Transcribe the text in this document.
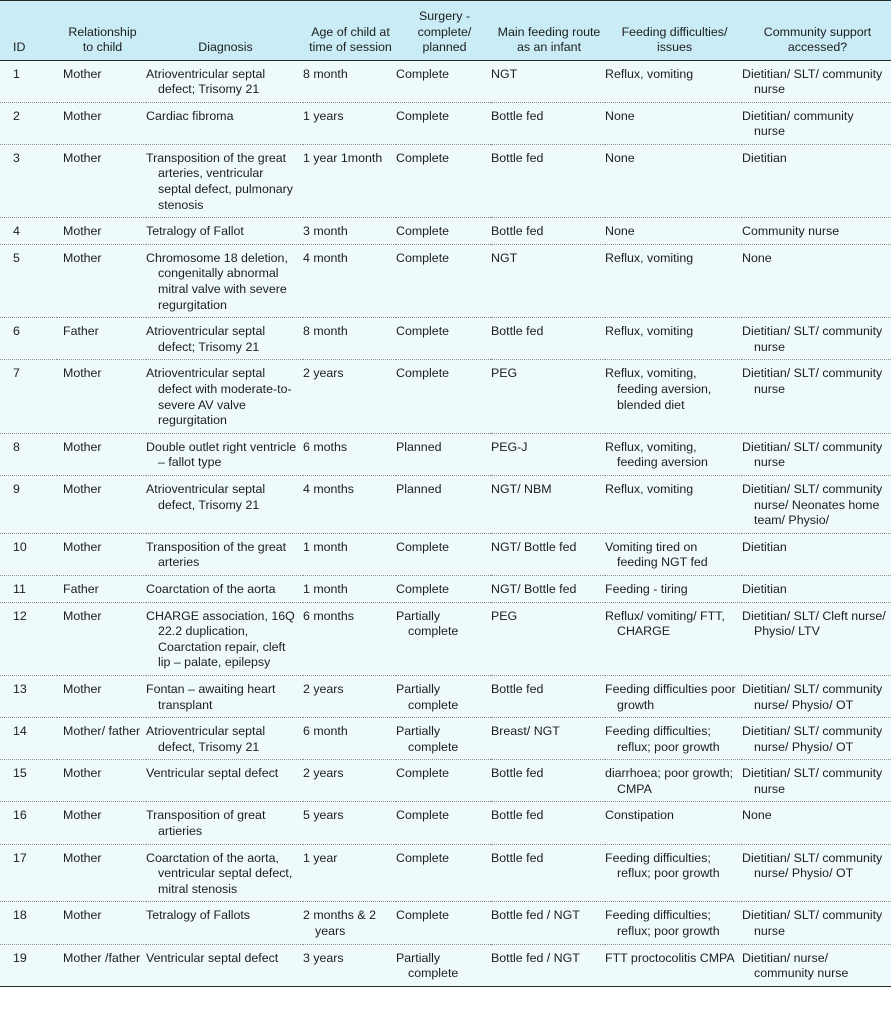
ID	Relationship to child	Diagnosis	Age of child at time of session	Surgery - complete/ planned	Main feeding route as an infant	Feeding difficulties/ issues	Community support accessed?
1	Mother	Atrioventricular septal defect; Trisomy 21	8 month	Complete	NGT	Reflux, vomiting	Dietitian/ SLT/ community nurse
2	Mother	Cardiac fibroma	1 years	Complete	Bottle fed	None	Dietitian/ community nurse
3	Mother	Transposition of the great arteries, ventricular septal defect, pulmonary stenosis	1 year 1month	Complete	Bottle fed	None	Dietitian
4	Mother	Tetralogy of Fallot	3 month	Complete	Bottle fed	None	Community nurse
5	Mother	Chromosome 18 deletion, congenitally abnormal mitral valve with severe regurgitation	4 month	Complete	NGT	Reflux, vomiting	None
6	Father	Atrioventricular septal defect; Trisomy 21	8 month	Complete	Bottle fed	Reflux, vomiting	Dietitian/ SLT/ community nurse
7	Mother	Atrioventricular septal defect with moderate-to-severe AV valve regurgitation	2 years	Complete	PEG	Reflux, vomiting, feeding aversion, blended diet	Dietitian/ SLT/ community nurse
8	Mother	Double outlet right ventricle – fallot type	6 moths	Planned	PEG-J	Reflux, vomiting, feeding aversion	Dietitian/ SLT/ community nurse
9	Mother	Atrioventricular septal defect, Trisomy 21	4 months	Planned	NGT/ NBM	Reflux, vomiting	Dietitian/ SLT/ community nurse/ Neonates home team/ Physio/
10	Mother	Transposition of the great arteries	1 month	Complete	NGT/ Bottle fed	Vomiting tired on feeding NGT fed	Dietitian
11	Father	Coarctation of the aorta	1 month	Complete	NGT/ Bottle fed	Feeding - tiring	Dietitian
12	Mother	CHARGE association, 16Q 22.2 duplication, Coarctation repair, cleft lip – palate, epilepsy	6 months	Partially complete	PEG	Reflux/ vomiting/ FTT, CHARGE	Dietitian/ SLT/ Cleft nurse/ Physio/ LTV
13	Mother	Fontan – awaiting heart transplant	2 years	Partially complete	Bottle fed	Feeding difficulties poor growth	Dietitian/ SLT/ community nurse/ Physio/ OT
14	Mother/ father	Atrioventricular septal defect, Trisomy 21	6 month	Partially complete	Breast/ NGT	Feeding difficulties; reflux; poor growth	Dietitian/ SLT/ community nurse/ Physio/ OT
15	Mother	Ventricular septal defect	2 years	Complete	Bottle fed	diarrhoea; poor growth; CMPA	Dietitian/ SLT/ community nurse
16	Mother	Transposition of great artieries	5 years	Complete	Bottle fed	Constipation	None
17	Mother	Coarctation of the aorta, ventricular septal defect, mitral stenosis	1 year	Complete	Bottle fed	Feeding difficulties; reflux; poor growth	Dietitian/ SLT/ community nurse/ Physio/ OT
18	Mother	Tetralogy of Fallots	2 months & 2 years	Complete	Bottle fed / NGT	Feeding difficulties; reflux; poor growth	Dietitian/ SLT/ community nurse
19	Mother /father	Ventricular septal defect	3 years	Partially complete	Bottle fed / NGT	FTT proctocolitis CMPA	Dietitian/ nurse/ community nurse
